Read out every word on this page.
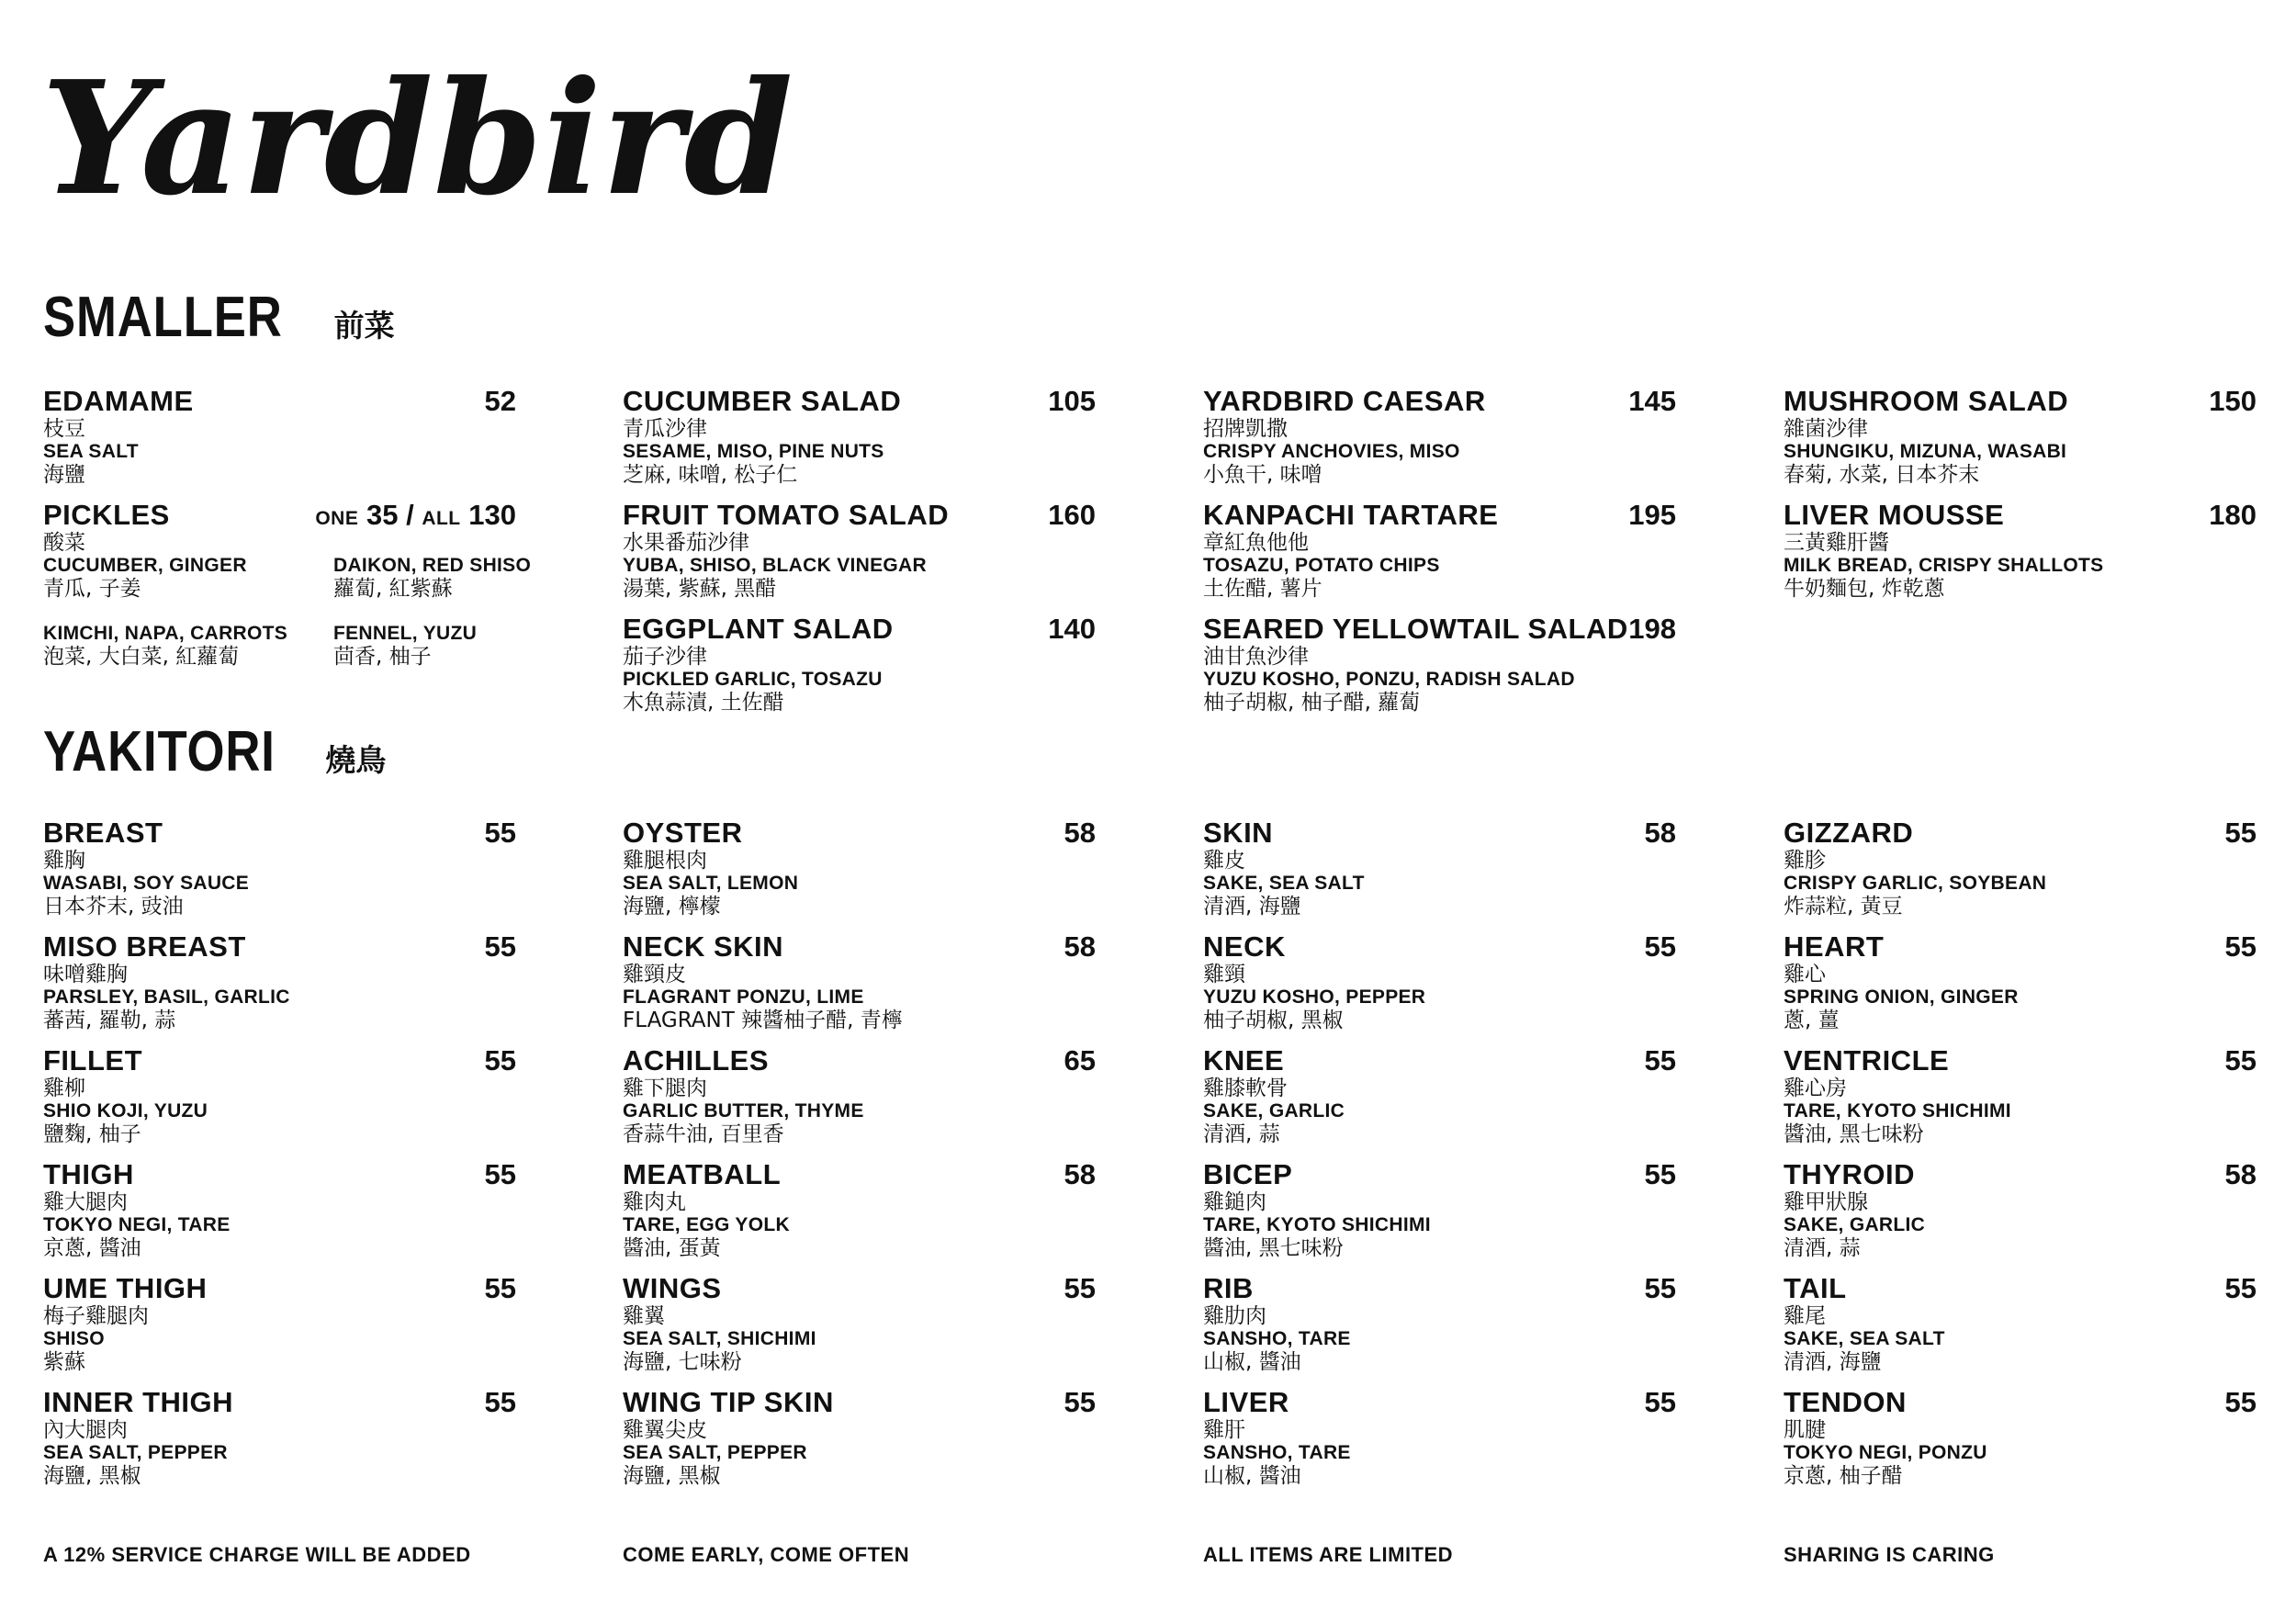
Yardbird
SMALLER 前菜
EDAMAME	52
枝豆
SEA SALT
海鹽
CUCUMBER SALAD	105
青瓜沙律
SESAME, MISO, PINE NUTS
芝麻, 味噌, 松子仁
YARDBIRD CAESAR	145
招牌凱撒
CRISPY ANCHOVIES, MISO
小魚干, 味噌
MUSHROOM SALAD	150
雜菌沙律
SHUNGIKU, MIZUNA, WASABI
春菊, 水菜, 日本芥末
PICKLES	ONE 35 / ALL 130
酸菜
CUCUMBER, GINGER
青瓜, 子姜
DAIKON, RED SHISO
蘿蔔, 紅紫蘇
KIMCHI, NAPA, CARROTS
泡菜, 大白菜, 紅蘿蔔
FENNEL, YUZU
茴香, 柚子
FRUIT TOMATO SALAD	160
水果番茄沙律
YUBA, SHISO, BLACK VINEGAR
湯葉, 紫蘇, 黑醋
KANPACHI TARTARE	195
章紅魚他他
TOSAZU, POTATO CHIPS
土佐醋, 薯片
LIVER MOUSSE	180
三黃雞肝醬
MILK BREAD, CRISPY SHALLOTS
牛奶麵包, 炸乾蔥
EGGPLANT SALAD	140
茄子沙律
PICKLED GARLIC, TOSAZU
木魚蒜漬, 土佐醋
SEARED YELLOWTAIL SALAD 198
油甘魚沙律
YUZU KOSHO, PONZU, RADISH SALAD
柚子胡椒, 柚子醋, 蘿蔔
YAKITORI 燒鳥
BREAST	55
雞胸
WASABI, SOY SAUCE
日本芥末, 豉油
OYSTER	58
雞腿根肉
SEA SALT, LEMON
海鹽, 檸檬
SKIN	58
雞皮
SAKE, SEA SALT
清酒, 海鹽
GIZZARD	55
雞胗
CRISPY GARLIC, SOYBEAN
炸蒜粒, 黃豆
MISO BREAST	55
味噌雞胸
PARSLEY, BASIL, GARLIC
蕃茜, 羅勒, 蒜
NECK SKIN	58
雞頸皮
FLAGRANT PONZU, LIME
FLAGRANT 辣醬柚子醋, 青檸
NECK	55
雞頸
YUZU KOSHO, PEPPER
柚子胡椒, 黑椒
HEART	55
雞心
SPRING ONION, GINGER
蔥, 薑
FILLET	55
雞柳
SHIO KOJI, YUZU
鹽麴, 柚子
ACHILLES	65
雞下腿肉
GARLIC BUTTER, THYME
香蒜牛油, 百里香
KNEE	55
雞膝軟骨
SAKE, GARLIC
清酒, 蒜
VENTRICLE	55
雞心房
TARE, KYOTO SHICHIMI
醬油, 黑七味粉
THIGH	55
雞大腿肉
TOKYO NEGI, TARE
京蔥, 醬油
MEATBALL	58
雞肉丸
TARE, EGG YOLK
醬油, 蛋黃
BICEP	55
雞鎚肉
TARE, KYOTO SHICHIMI
醬油, 黑七味粉
THYROID	58
雞甲狀腺
SAKE, GARLIC
清酒, 蒜
UME THIGH	55
梅子雞腿肉
SHISO
紫蘇
WINGS	55
雞翼
SEA SALT, SHICHIMI
海鹽, 七味粉
RIB	55
雞肋肉
SANSHO, TARE
山椒, 醬油
TAIL	55
雞尾
SAKE, SEA SALT
清酒, 海鹽
INNER THIGH	55
內大腿肉
SEA SALT, PEPPER
海鹽, 黑椒
WING TIP SKIN	55
雞翼尖皮
SEA SALT, PEPPER
海鹽, 黑椒
LIVER	55
雞肝
SANSHO, TARE
山椒, 醬油
TENDON	55
肌腱
TOKYO NEGI, PONZU
京蔥, 柚子醋
A 12% SERVICE CHARGE WILL BE ADDED	COME EARLY, COME OFTEN	ALL ITEMS ARE LIMITED	SHARING IS CARING
